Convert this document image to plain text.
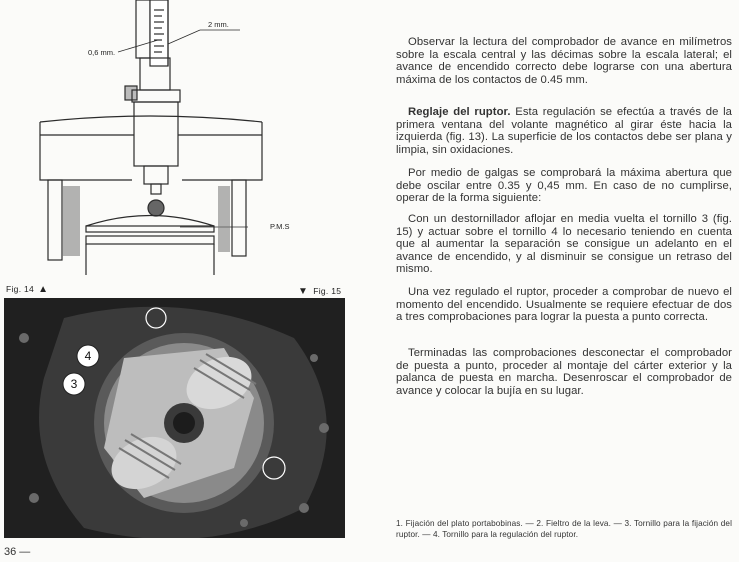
0,6 mm.
2 mm.
P.M.S
Fig. 14 ▲	▼ Fig. 15
4
3
36 —
Observar la lectura del comprobador de avance en milímetros sobre la escala central y las décimas sobre la escala lateral; el avance de encendido correcto debe lograrse con una abertura máxima de los contactos de 0.45 mm.
Reglaje del ruptor. Esta regulación se efectúa a través de la primera ventana del volante magnético al girar éste hacia la izquierda (fig. 13). La superficie de los contactos debe ser plana y limpia, sin oxidaciones.
Por medio de galgas se comprobará la máxima abertura que debe oscilar entre 0.35 y 0,45 mm. En caso de no cumplirse, operar de la forma siguiente:
Con un destornillador aflojar en media vuelta el tornillo 3 (fig. 15) y actuar sobre el tornillo 4 lo necesario teniendo en cuenta que al aumentar la separación se consigue un adelanto en el avance de encendido, y al disminuir se consigue un retraso del mismo.
Una vez regulado el ruptor, proceder a comprobar de nuevo el momento del encendido. Usualmente se requiere efectuar de dos a tres comprobaciones para lograr la puesta a punto correcta.
Terminadas las comprobaciones desconectar el comprobador de puesta a punto, proceder al montaje del cárter exterior y la palanca de puesta en marcha. Desenroscar el comprobador de avance y colocar la bujía en su lugar.
1. Fijación del plato portabobinas. — 2. Fieltro de la leva. — 3. Tornillo para la fijación del ruptor. — 4. Tornillo para la regulación del ruptor.
